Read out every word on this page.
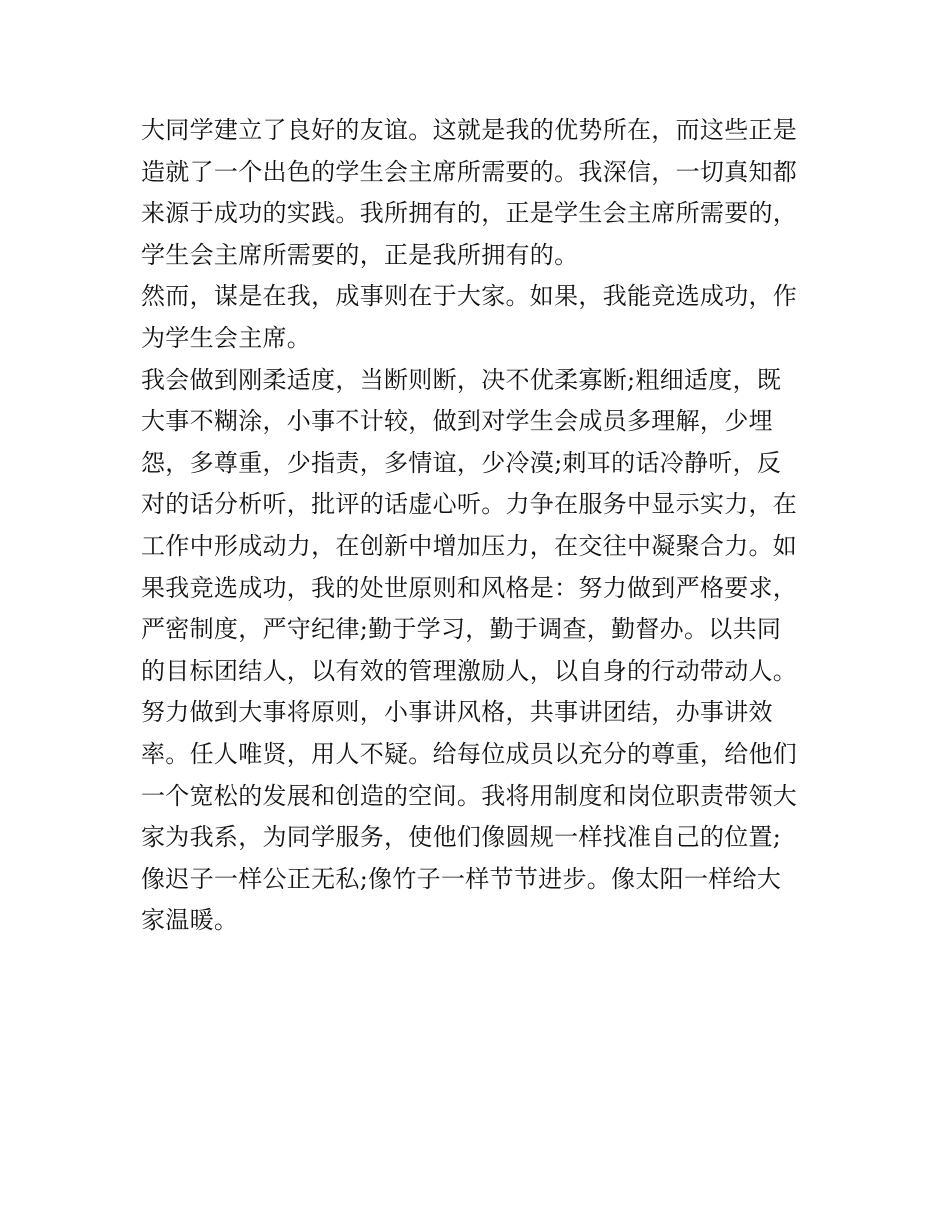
大同学建立了良好的友谊。这就是我的优势所在，而这些正是
造就了一个出色的学生会主席所需要的。我深信，一切真知都
来源于成功的实践。我所拥有的，正是学生会主席所需要的，
学生会主席所需要的，正是我所拥有的。
然而，谋是在我，成事则在于大家。如果，我能竞选成功，作
为学生会主席。
我会做到刚柔适度，当断则断，决不优柔寡断;粗细适度，既
大事不糊涂，小事不计较，做到对学生会成员多理解，少埋
怨，多尊重，少指责，多情谊，少冷漠;刺耳的话冷静听，反
对的话分析听，批评的话虚心听。力争在服务中显示实力，在
工作中形成动力，在创新中增加压力，在交往中凝聚合力。如
果我竞选成功，我的处世原则和风格是：努力做到严格要求，
严密制度，严守纪律;勤于学习，勤于调查，勤督办。以共同
的目标团结人，以有效的管理激励人，以自身的行动带动人。
努力做到大事将原则，小事讲风格，共事讲团结，办事讲效
率。任人唯贤，用人不疑。给每位成员以充分的尊重，给他们
一个宽松的发展和创造的空间。我将用制度和岗位职责带领大
家为我系，为同学服务，使他们像圆规一样找准自己的位置;
像迟子一样公正无私;像竹子一样节节进步。像太阳一样给大
家温暖。
